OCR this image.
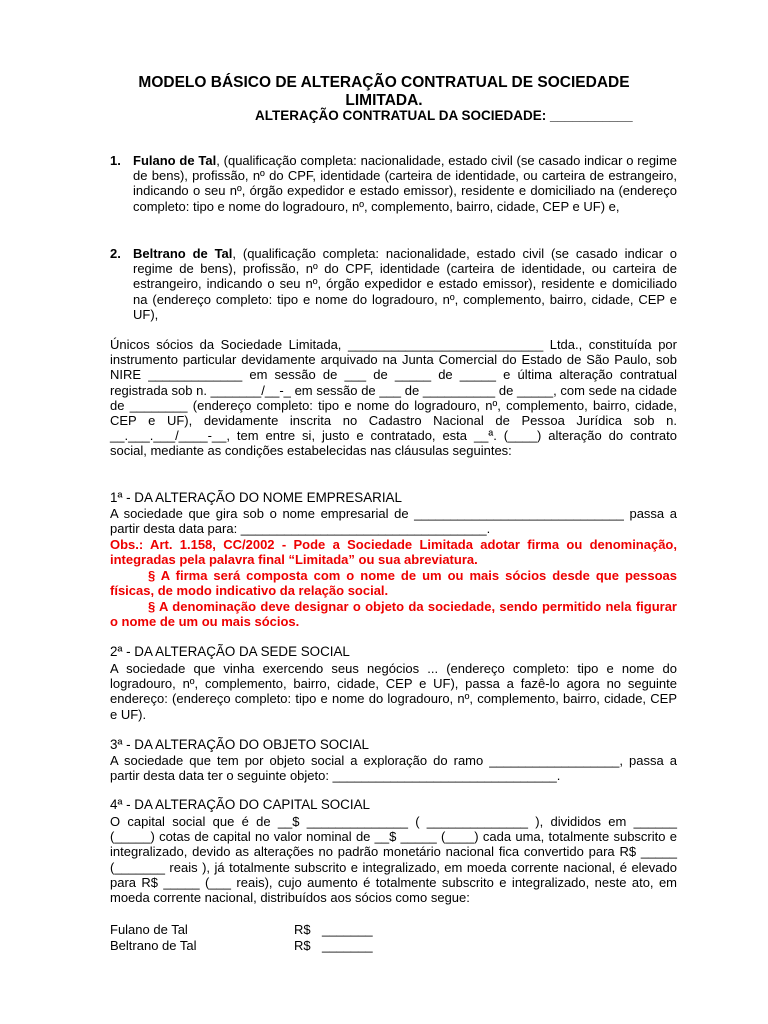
MODELO BÁSICO DE ALTERAÇÃO CONTRATUAL DE SOCIEDADE LIMITADA.
ALTERAÇÃO CONTRATUAL DA SOCIEDADE: ___________
1. Fulano de Tal, (qualificação completa: nacionalidade, estado civil (se casado indicar o regime de bens), profissão, nº do CPF, identidade (carteira de identidade, ou carteira de estrangeiro, indicando o seu nº, órgão expedidor e estado emissor), residente e domiciliado na (endereço completo: tipo e nome do logradouro, nº, complemento, bairro, cidade, CEP e UF) e,
2. Beltrano de Tal, (qualificação completa: nacionalidade, estado civil (se casado indicar o regime de bens), profissão, nº do CPF, identidade (carteira de identidade, ou carteira de estrangeiro, indicando o seu nº, órgão expedidor e estado emissor), residente e domiciliado na (endereço completo: tipo e nome do logradouro, nº, complemento, bairro, cidade, CEP e UF),
Únicos sócios da Sociedade Limitada, ___________________________ Ltda., constituída por instrumento particular devidamente arquivado na Junta Comercial do Estado de São Paulo, sob NIRE _____________ em sessão de ___ de _____ de _____ e última alteração contratual registrada sob n. _______/__-_ em sessão de ___ de __________ de _____, com sede na cidade de ________ (endereço completo: tipo e nome do logradouro, nº, complemento, bairro, cidade, CEP e UF), devidamente inscrita no Cadastro Nacional de Pessoa Jurídica sob n. __.___.___/____-__, tem entre si, justo e contratado, esta __ª. (____) alteração do contrato social, mediante as condições estabelecidas nas cláusulas seguintes:
1ª - DA ALTERAÇÃO DO NOME EMPRESARIAL
A sociedade que gira sob o nome empresarial de _____________________________ passa a partir desta data para: __________________________________.
Obs.: Art. 1.158, CC/2002 - Pode a Sociedade Limitada adotar firma ou denominação, integradas pela palavra final “Limitada” ou sua abreviatura.
§ A firma será composta com o nome de um ou mais sócios desde que pessoas físicas, de modo indicativo da relação social.
§ A denominação deve designar o objeto da sociedade, sendo permitido nela figurar o nome de um ou mais sócios.
2ª - DA ALTERAÇÃO DA SEDE SOCIAL
A sociedade que vinha exercendo seus negócios ... (endereço completo: tipo e nome do logradouro, nº, complemento, bairro, cidade, CEP e UF), passa a fazê-lo agora no seguinte endereço: (endereço completo: tipo e nome do logradouro, nº, complemento, bairro, cidade, CEP e UF).
3ª - DA ALTERAÇÃO DO OBJETO SOCIAL
A sociedade que tem por objeto social a exploração do ramo __________________, passa a partir desta data ter o seguinte objeto: _______________________________.
4ª - DA ALTERAÇÃO DO CAPITAL SOCIAL
O capital social que é de __$ ______________ ( ______________ ), divididos em ______ (_____) cotas de capital no valor nominal de __$ _____ (____) cada uma, totalmente subscrito e integralizado, devido as alterações no padrão monetário nacional fica convertido para R$ _____ (_______ reais ), já totalmente subscrito e integralizado, em moeda corrente nacional, é elevado para R$ _____ (___ reais), cujo aumento é totalmente subscrito e integralizado, neste ato, em moeda corrente nacional, distribuídos aos sócios como segue:
Fulano de Tal	R$ _______
Beltrano de Tal	R$ _______
